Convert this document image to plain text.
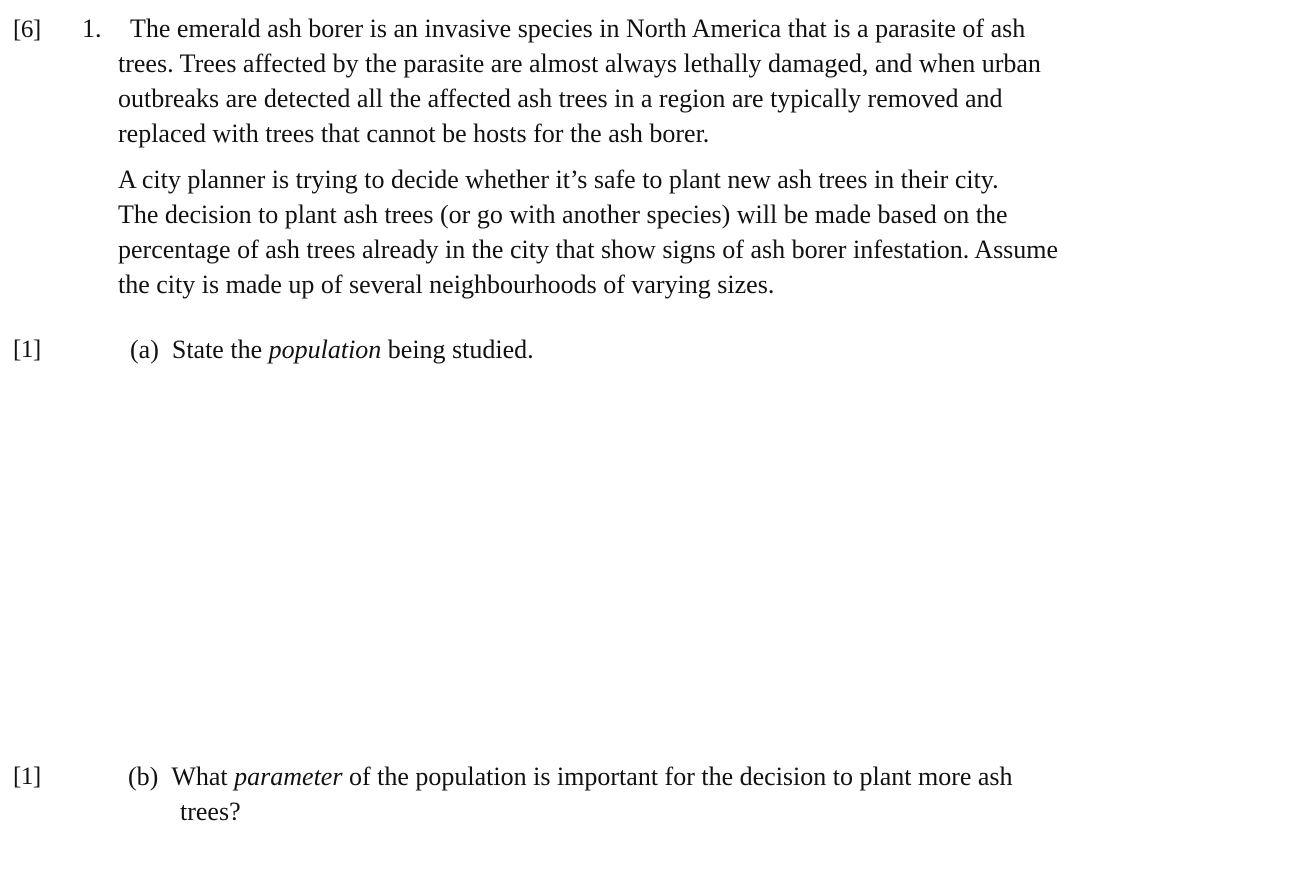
[6]
[1]
[1]
1. The emerald ash borer is an invasive species in North America that is a parasite of ash
trees. Trees affected by the parasite are almost always lethally damaged, and when urban
outbreaks are detected all the affected ash trees in a region are typically removed and
replaced with trees that cannot be hosts for the ash borer.
A city planner is trying to decide whether it’s safe to plant new ash trees in their city.
The decision to plant ash trees (or go with another species) will be made based on the
percentage of ash trees already in the city that show signs of ash borer infestation. Assume
the city is made up of several neighbourhoods of varying sizes.
(a) State the population being studied.
(b) What parameter of the population is important for the decision to plant more ash
trees?
